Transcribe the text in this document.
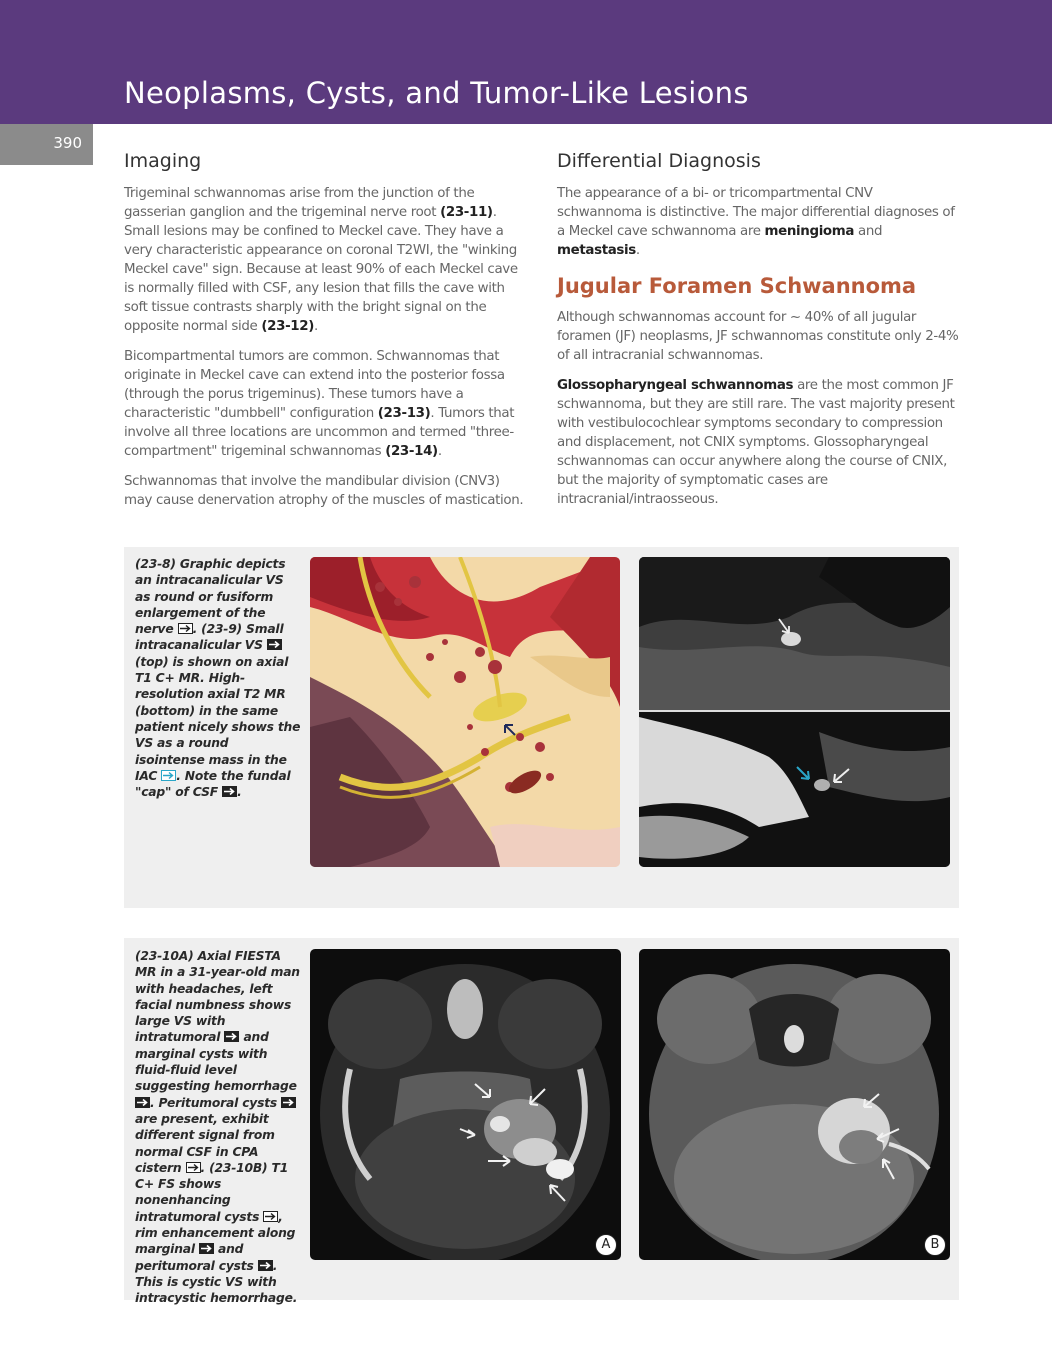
Neoplasms, Cysts, and Tumor-Like Lesions
390
Imaging

Trigeminal schwannomas arise from the junction of the gasserian ganglion and the trigeminal nerve root (23-11). Small lesions may be confined to Meckel cave. They have a very characteristic appearance on coronal T2WI, the "winking Meckel cave" sign. Because at least 90% of each Meckel cave is normally filled with CSF, any lesion that fills the cave with soft tissue contrasts sharply with the bright signal on the opposite normal side (23-12).

Bicompartmental tumors are common. Schwannomas that originate in Meckel cave can extend into the posterior fossa (through the porus trigeminus). These tumors have a characteristic "dumbbell" configuration (23-13). Tumors that involve all three locations are uncommon and termed "three-compartment" trigeminal schwannomas (23-14).

Schwannomas that involve the mandibular division (CNV3) may cause denervation atrophy of the muscles of mastication.

Differential Diagnosis

The appearance of a bi- or tricompartmental CNV schwannoma is distinctive. The major differential diagnoses of a Meckel cave schwannoma are meningioma and metastasis.

Jugular Foramen Schwannoma

Although schwannomas account for ~ 40% of all jugular foramen (JF) neoplasms, JF schwannomas constitute only 2-4% of all intracranial schwannomas.

Glossopharyngeal schwannomas are the most common JF schwannoma, but they are still rare. The vast majority present with vestibulocochlear symptoms secondary to compression and displacement, not CNIX symptoms. Glossopharyngeal schwannomas can occur anywhere along the course of CNIX, but the majority of symptomatic cases are intracranial/intraosseous.

(23-8) Graphic depicts an intracanalicular VS as round or fusiform enlargement of the nerve . (23-9) Small intracanalicular VS  (top) is shown on axial T1 C+ MR. High-resolution axial T2 MR (bottom) in the same patient nicely shows the VS as a round isointense mass in the IAC . Note the fundal "cap" of CSF .
(23-10A) Axial FIESTA MR in a 31-year-old man with headaches, left facial numbness shows large VS with intratumoral  and marginal cysts with fluid-fluid level suggesting hemorrhage . Peritumoral cysts  are present, exhibit different signal from normal CSF in CPA cistern . (23-10B) T1 C+ FS shows nonenhancing intratumoral cysts , rim enhancement along marginal  and peritumoral cysts . This is cystic VS with intracystic hemorrhage.
A	B
